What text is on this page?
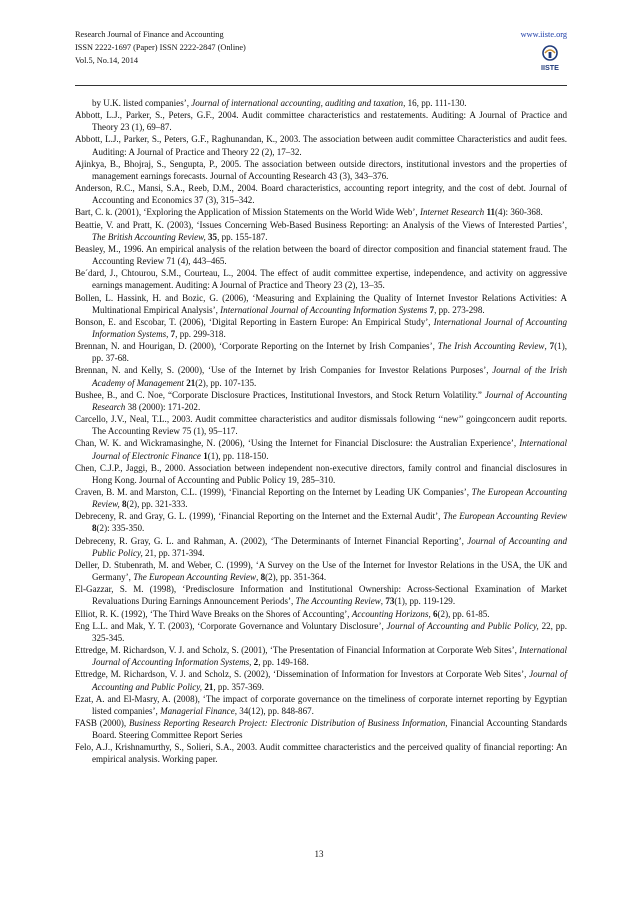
Research Journal of Finance and Accounting
ISSN 2222-1697 (Paper) ISSN 2222-2847 (Online)
Vol.5, No.14, 2014
www.iiste.org
IISTE
by U.K. listed companies’, Journal of international accounting, auditing and taxation, 16, pp. 111-130.
Abbott, L.J., Parker, S., Peters, G.F., 2004. Audit committee characteristics and restatements. Auditing: A Journal of Practice and Theory 23 (1), 69–87.
Abbott, L.J., Parker, S., Peters, G.F., Raghunandan, K., 2003. The association between audit committee Characteristics and audit fees. Auditing: A Journal of Practice and Theory 22 (2), 17–32.
Ajinkya, B., Bhojraj, S., Sengupta, P., 2005. The association between outside directors, institutional investors and the properties of management earnings forecasts. Journal of Accounting Research 43 (3), 343–376.
Anderson, R.C., Mansi, S.A., Reeb, D.M., 2004. Board characteristics, accounting report integrity, and the cost of debt. Journal of Accounting and Economics 37 (3), 315–342.
Bart, C. k. (2001), ‘Exploring the Application of Mission Statements on the World Wide Web’, Internet Research 11(4): 360-368.
Beattie, V. and Pratt, K. (2003), ‘Issues Concerning Web-Based Business Reporting: an Analysis of the Views of Interested Parties’, The British Accounting Review, 35, pp. 155-187.
Beasley, M., 1996. An empirical analysis of the relation between the board of director composition and financial statement fraud. The Accounting Review 71 (4), 443–465.
Be´dard, J., Chtourou, S.M., Courteau, L., 2004. The effect of audit committee expertise, independence, and activity on aggressive earnings management. Auditing: A Journal of Practice and Theory 23 (2), 13–35.
Bollen, L. Hassink, H. and Bozic, G. (2006), ‘Measuring and Explaining the Quality of Internet Investor Relations Activities: A Multinational Empirical Analysis’, International Journal of Accounting Information Systems 7, pp. 273-298.
Bonson, E. and Escobar, T. (2006), ‘Digital Reporting in Eastern Europe: An Empirical Study’, International Journal of Accounting Information Systems, 7, pp. 299-318.
Brennan, N. and Hourigan, D. (2000), ‘Corporate Reporting on the Internet by Irish Companies’, The Irish Accounting Review, 7(1), pp. 37-68.
Brennan, N. and Kelly, S. (2000), ‘Use of the Internet by Irish Companies for Investor Relations Purposes’, Journal of the Irish Academy of Management 21(2), pp. 107-135.
Bushee, B., and C. Noe, “Corporate Disclosure Practices, Institutional Investors, and Stock Return Volatility.” Journal of Accounting Research 38 (2000): 171-202.
Carcello, J.V., Neal, T.L., 2003. Audit committee characteristics and auditor dismissals following ‘‘new’’ goingconcern audit reports. The Accounting Review 75 (1), 95–117.
Chan, W. K. and Wickramasinghe, N. (2006), ‘Using the Internet for Financial Disclosure: the Australian Experience’, International Journal of Electronic Finance 1(1), pp. 118-150.
Chen, C.J.P., Jaggi, B., 2000. Association between independent non-executive directors, family control and financial disclosures in Hong Kong. Journal of Accounting and Public Policy 19, 285–310.
Craven, B. M. and Marston, C.L. (1999), ‘Financial Reporting on the Internet by Leading UK Companies’, The European Accounting Review, 8(2), pp. 321-333.
Debreceny, R. and Gray, G. L. (1999), ‘Financial Reporting on the Internet and the External Audit’, The European Accounting Review 8(2): 335-350.
Debreceny, R. Gray, G. L. and Rahman, A. (2002), ‘The Determinants of Internet Financial Reporting’, Journal of Accounting and Public Policy, 21, pp. 371-394.
Deller, D. Stubenrath, M. and Weber, C. (1999), ‘A Survey on the Use of the Internet for Investor Relations in the USA, the UK and Germany’, The European Accounting Review, 8(2), pp. 351-364.
El-Gazzar, S. M. (1998), ‘Predisclosure Information and Institutional Ownership: Across-Sectional Examination of Market Revaluations During Earnings Announcement Periods’, The Accounting Review, 73(1), pp. 119-129.
Elliot, R. K. (1992), ‘The Third Wave Breaks on the Shores of Accounting’, Accounting Horizons, 6(2), pp. 61-85.
Eng L.L. and Mak, Y. T. (2003), ‘Corporate Governance and Voluntary Disclosure’, Journal of Accounting and Public Policy, 22, pp. 325-345.
Ettredge, M. Richardson, V. J. and Scholz, S. (2001), ‘The Presentation of Financial Information at Corporate Web Sites’, International Journal of Accounting Information Systems, 2, pp. 149-168.
Ettredge, M. Richardson, V. J. and Scholz, S. (2002), ‘Dissemination of Information for Investors at Corporate Web Sites’, Journal of Accounting and Public Policy, 21, pp. 357-369.
Ezat, A. and El-Masry, A. (2008), ‘The impact of corporate governance on the timeliness of corporate internet reporting by Egyptian listed companies’, Managerial Finance, 34(12), pp. 848-867.
FASB (2000), Business Reporting Research Project: Electronic Distribution of Business Information, Financial Accounting Standards Board. Steering Committee Report Series
Felo, A.J., Krishnamurthy, S., Solieri, S.A., 2003. Audit committee characteristics and the perceived quality of financial reporting: An empirical analysis. Working paper.
13
